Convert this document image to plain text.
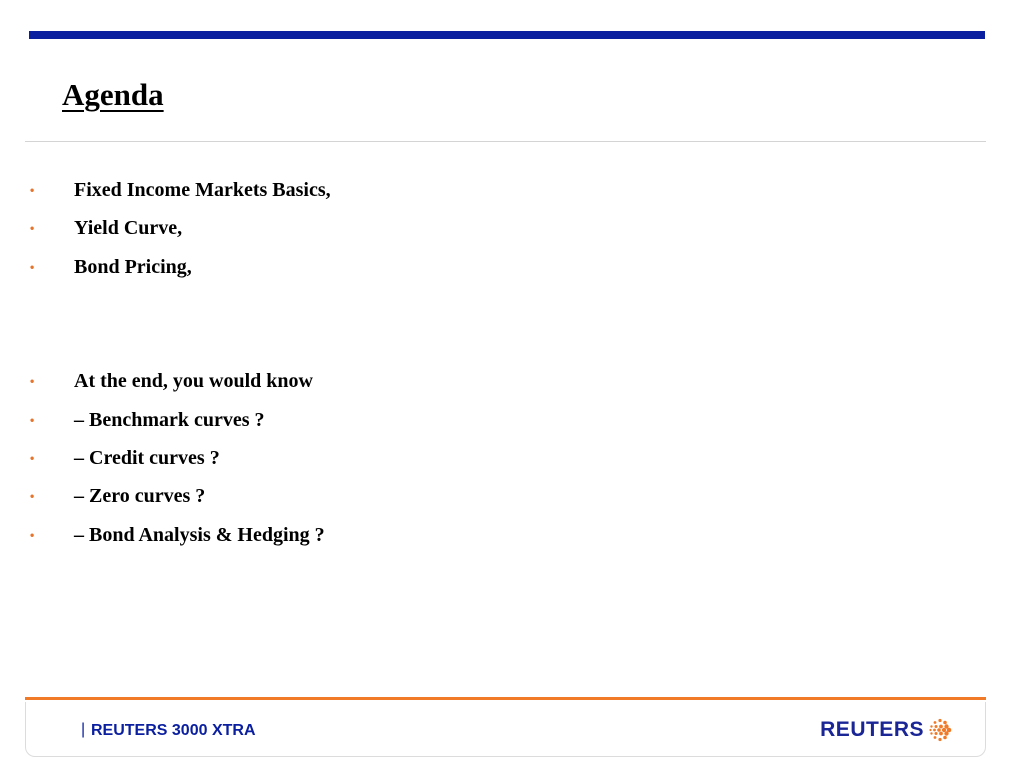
Agenda
•	Fixed Income Markets Basics,
•	Yield Curve,
•	Bond Pricing,
•	At the end, you would know
•	– Benchmark curves ?
•	– Credit curves ?
•	– Zero curves ?
•	– Bond Analysis & Hedging ?
| REUTERS 3000 XTRA	REUTERS
